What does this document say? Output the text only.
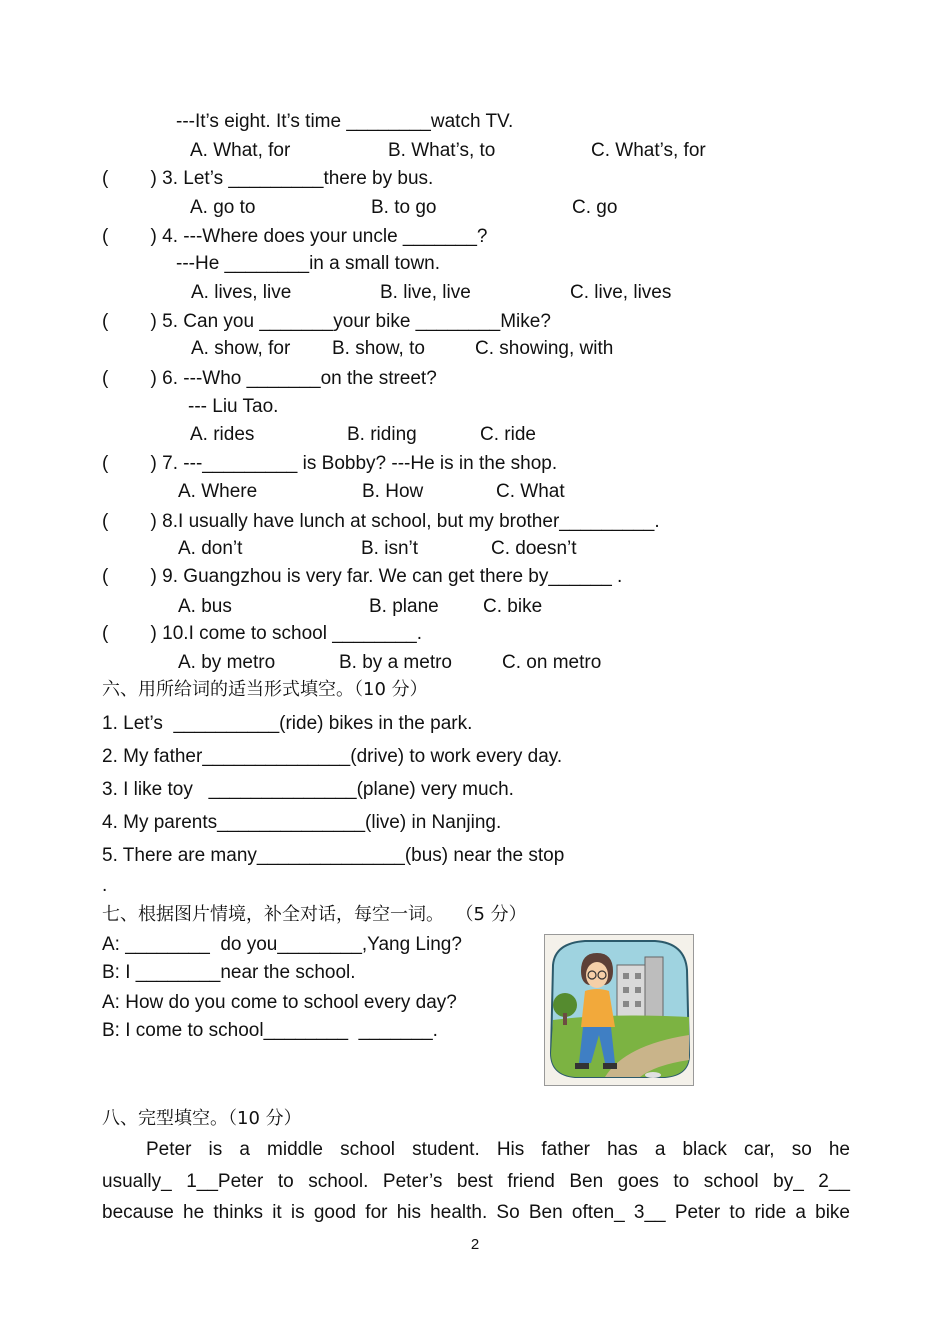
---It’s eight. It’s time ________watch TV.
A. What, for	B. What’s, to	C. What’s, for
(        ) 3. Let’s _________there by bus.
A. go to	B. to go	C. go
(        ) 4. ---Where does your uncle _______?
---He ________in a small town.
A. lives, live	B. live, live	C. live, lives
(        ) 5. Can you _______your bike ________Mike?
A. show, for B. show, to	C. showing, with
(        ) 6. ---Who _______on the street?
--- Liu Tao.
A. rides	B. riding	C. ride
(        ) 7. ---_________ is Bobby? ---He is in the shop.
A. Where	B. How	C. What
(        ) 8.I usually have lunch at school, but my brother_________.
A. don’t	B. isn’t	C. doesn’t
(        ) 9. Guangzhou is very far. We can get there by______ .
A. bus	B. plane C. bike
(        ) 10.I come to school ________.
A. by metro	B. by a metro	C. on metro
六、用所给词的适当形式填空。（10 分）
1. Let’s  __________(ride) bikes in the park.
2. My father______________(drive) to work every day.
3. I like toy   ______________(plane) very much.
4. My parents______________(live) in Nanjing.
5. There are many______________(bus) near the stop
.
七、根据图片情境，补全对话，每空一词。  （5 分）
A: ________  do you________,Yang Ling?
B: I ________near the school.
A: How do you come to school every day?
B: I come to school________  _______.
八、完型填空。（10 分）
Peter is a middle school student. His father has a black car, so he
usually_ 1__Peter to school. Peter’s best friend Ben goes to school by_ 2__
because he thinks it is good for his health. So Ben often_ 3__ Peter to ride a bike
2
